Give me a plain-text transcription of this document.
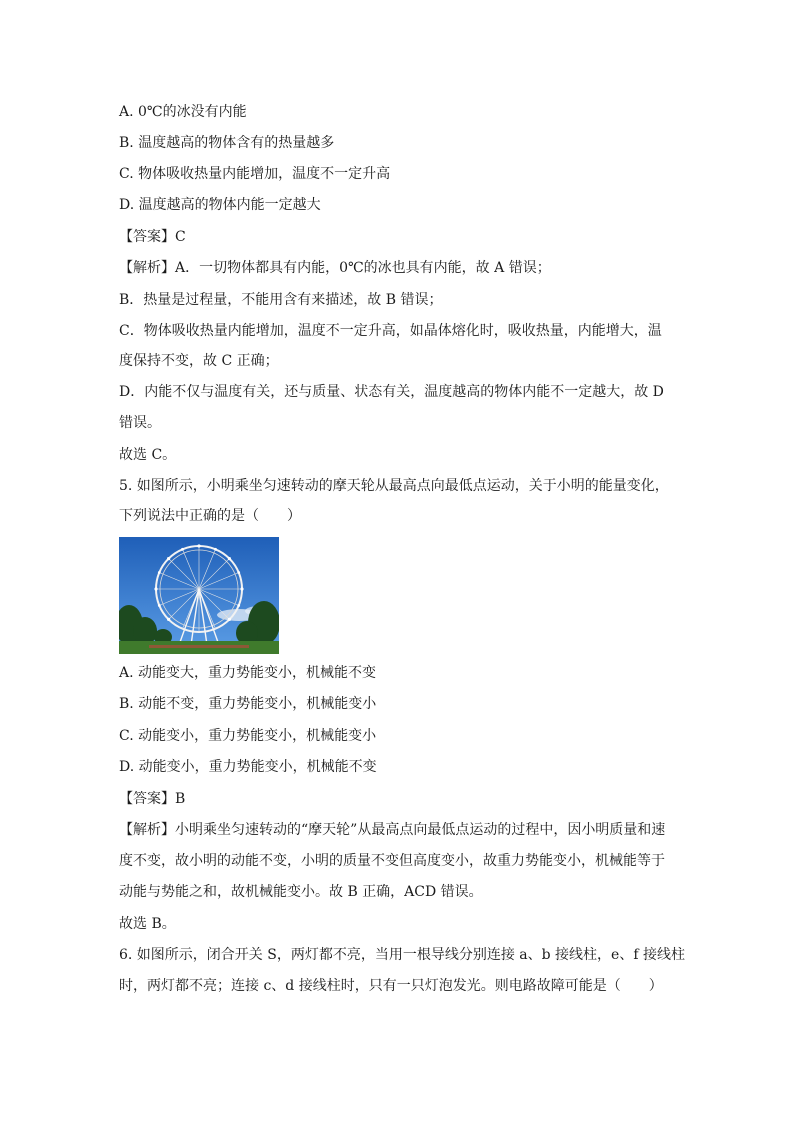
A. 0℃的冰没有内能
B. 温度越高的物体含有的热量越多
C. 物体吸收热量内能增加，温度不一定升高
D. 温度越高的物体内能一定越大
【答案】C
【解析】A．一切物体都具有内能，0℃的冰也具有内能，故 A 错误；
B．热量是过程量，不能用含有来描述，故 B 错误；
C．物体吸收热量内能增加，温度不一定升高，如晶体熔化时，吸收热量，内能增大，温
度保持不变，故 C 正确；
D．内能不仅与温度有关，还与质量、状态有关，温度越高的物体内能不一定越大，故 D
错误。
故选 C。
5. 如图所示，小明乘坐匀速转动的摩天轮从最高点向最低点运动，关于小明的能量变化，
下列说法中正确的是（　　）
A. 动能变大，重力势能变小，机械能不变
B. 动能不变，重力势能变小，机械能变小
C. 动能变小，重力势能变小，机械能变小
D. 动能变小，重力势能变小，机械能不变
【答案】B
【解析】小明乘坐匀速转动的“摩天轮”从最高点向最低点运动的过程中，因小明质量和速
度不变，故小明的动能不变，小明的质量不变但高度变小，故重力势能变小，机械能等于
动能与势能之和，故机械能变小。故 B 正确，ACD 错误。
故选 B。
6. 如图所示，闭合开关 S，两灯都不亮，当用一根导线分别连接 a、b 接线柱，e、f 接线柱
时，两灯都不亮；连接 c、d 接线柱时，只有一只灯泡发光。则电路故障可能是（　　）
